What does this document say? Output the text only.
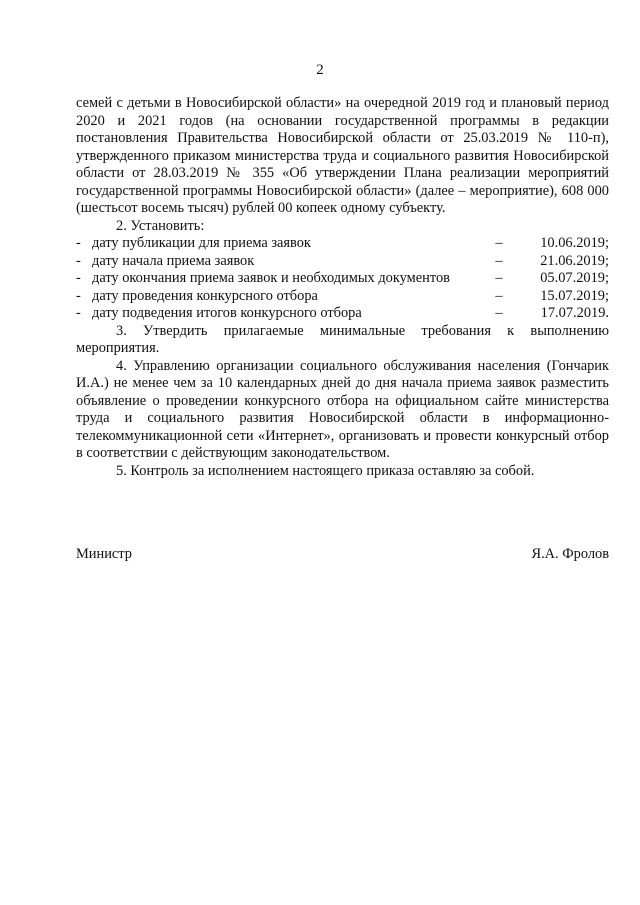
2

семей с детьми в Новосибирской области» на очередной 2019 год и плановый период 2020 и 2021 годов (на основании государственной программы в редакции постановления Правительства Новосибирской области от 25.03.2019 № 110-п), утвержденного приказом министерства труда и социального развития Новосибирской области от 28.03.2019 № 355 «Об утверждении Плана реализации мероприятий государственной программы Новосибирской области» (далее – мероприятие), 608 000 (шестьсот восемь тысяч) рублей 00 копеек одному субъекту.

2. Установить:

- дату публикации для приема заявок	–	10.06.2019;
- дату начала приема заявок	–	21.06.2019;
- дату окончания приема заявок и необходимых документов	–	05.07.2019;
- дату проведения конкурсного отбора	–	15.07.2019;
- дату подведения итогов конкурсного отбора	–	17.07.2019.

3. Утвердить прилагаемые минимальные требования к выполнению мероприятия.

4. Управлению организации социального обслуживания населения (Гончарик И.А.) не менее чем за 10 календарных дней до дня начала приема заявок разместить объявление о проведении конкурсного отбора на официальном сайте министерства труда и социального развития Новосибирской области в информационно-телекоммуникационной сети «Интернет», организовать и провести конкурсный отбор в соответствии с действующим законодательством.

5. Контроль за исполнением настоящего приказа оставляю за собой.

Министр	Я.А. Фролов
